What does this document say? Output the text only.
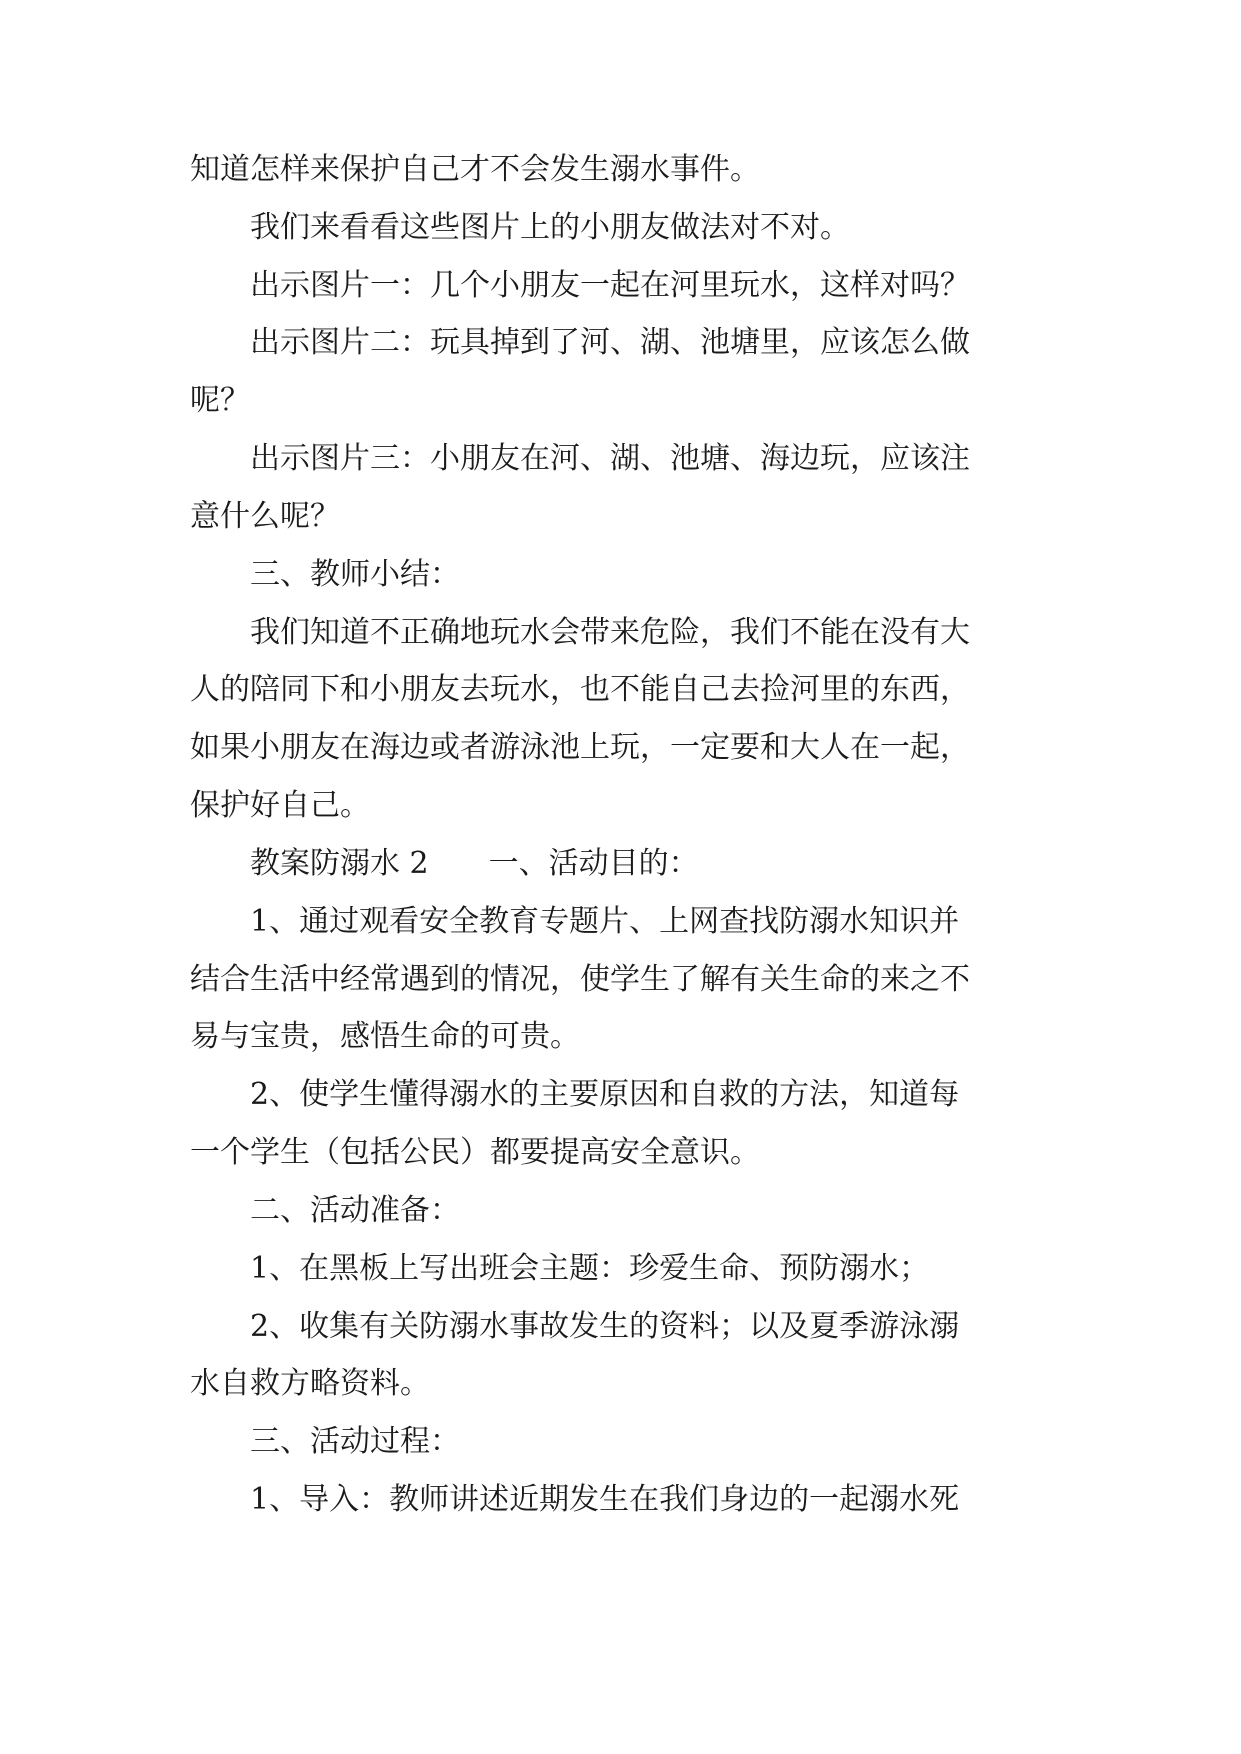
知道怎样来保护自己才不会发生溺水事件。
我们来看看这些图片上的小朋友做法对不对。
出示图片一：几个小朋友一起在河里玩水，这样对吗？
出示图片二：玩具掉到了河、湖、池塘里，应该怎么做
呢？
出示图片三：小朋友在河、湖、池塘、海边玩，应该注
意什么呢？
三、教师小结：
我们知道不正确地玩水会带来危险，我们不能在没有大
人的陪同下和小朋友去玩水，也不能自己去捡河里的东西，
如果小朋友在海边或者游泳池上玩，一定要和大人在一起，
保护好自己。
教案防溺水 2　　一、活动目的：
1、通过观看安全教育专题片、上网查找防溺水知识并
结合生活中经常遇到的情况，使学生了解有关生命的来之不
易与宝贵，感悟生命的可贵。
2、使学生懂得溺水的主要原因和自救的方法，知道每
一个学生（包括公民）都要提高安全意识。
二、活动准备：
1、在黑板上写出班会主题：珍爱生命、预防溺水；
2、收集有关防溺水事故发生的资料；以及夏季游泳溺
水自救方略资料。
三、活动过程：
1、导入：教师讲述近期发生在我们身边的一起溺水死
